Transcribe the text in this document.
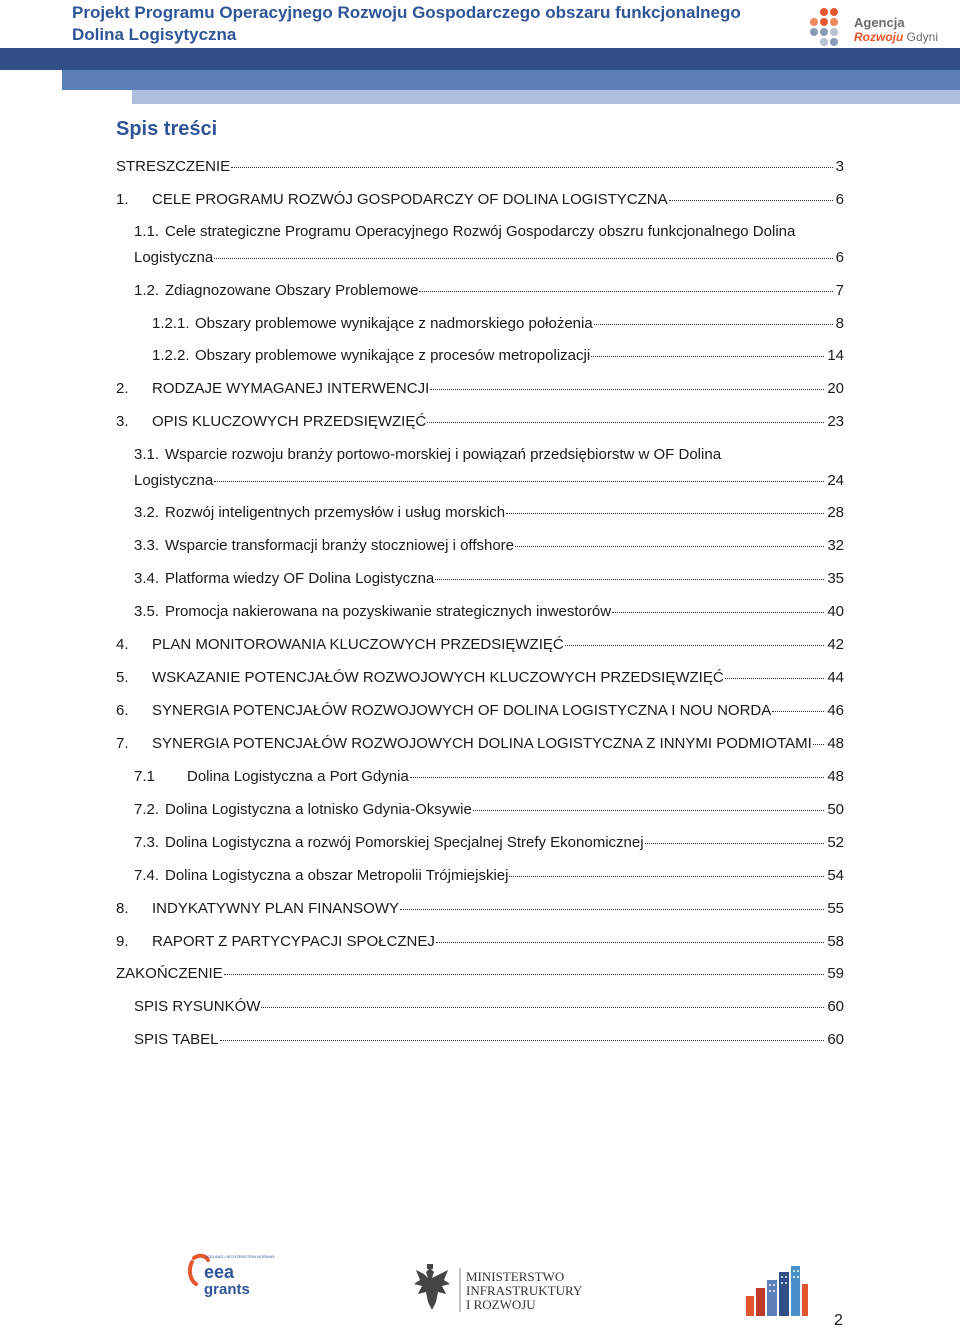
Projekt Programu Operacyjnego Rozwoju Gospodarczego obszaru funkcjonalnego Dolina Logisytyczna
Agencja
Rozwoju Gdyni
Spis treści
STRESZCZENIE	3
1.	CELE PROGRAMU ROZWÓJ GOSPODARCZY OF DOLINA LOGISTYCZNA	6
1.1. Cele strategiczne Programu Operacyjnego Rozwój Gospodarczy obszru funkcjonalnego Dolina
Logistyczna	6
1.2. Zdiagnozowane Obszary Problemowe	7
1.2.1. Obszary problemowe wynikające z nadmorskiego położenia	8
1.2.2. Obszary problemowe wynikające z procesów metropolizacji	14
2.	RODZAJE WYMAGANEJ INTERWENCJI	20
3.	OPIS KLUCZOWYCH PRZEDSIĘWZIĘĆ	23
3.1. Wsparcie rozwoju branży portowo-morskiej i powiązań przedsiębiorstw w OF Dolina
Logistyczna	24
3.2. Rozwój inteligentnych przemysłów i usług morskich	28
3.3. Wsparcie transformacji branży stoczniowej i offshore	32
3.4. Platforma wiedzy OF Dolina Logistyczna	35
3.5. Promocja nakierowana na pozyskiwanie strategicznych inwestorów	40
4.	PLAN MONITOROWANIA KLUCZOWYCH PRZEDSIĘWZIĘĆ	42
5.	WSKAZANIE POTENCJAŁÓW ROZWOJOWYCH KLUCZOWYCH PRZEDSIĘWZIĘĆ	44
6.	SYNERGIA POTENCJAŁÓW ROZWOJOWYCH OF DOLINA LOGISTYCZNA I NOU NORDA	46
7.	SYNERGIA POTENCJAŁÓW ROZWOJOWYCH DOLINA LOGISTYCZNA Z INNYMI PODMIOTAMI 48
7.1	Dolina Logistyczna a Port Gdynia	48
7.2. Dolina Logistyczna a lotnisko Gdynia-Oksywie	50
7.3. Dolina Logistyczna a rozwój Pomorskiej Specjalnej Strefy Ekonomicznej	52
7.4. Dolina Logistyczna a obszar Metropolii Trójmiejskiej	54
8.	INDYKATYWNY PLAN FINANSOWY	55
9.	RAPORT Z PARTYCYPACJI SPOŁCZNEJ	58
ZAKOŃCZENIE	59
SPIS RYSUNKÓW	60
SPIS TABEL	60
ICELAND LIECHTENSTEIN NORWAY
eea
grants
MINISTERSTWO
INFRASTRUKTURY
I ROZWOJU
2
